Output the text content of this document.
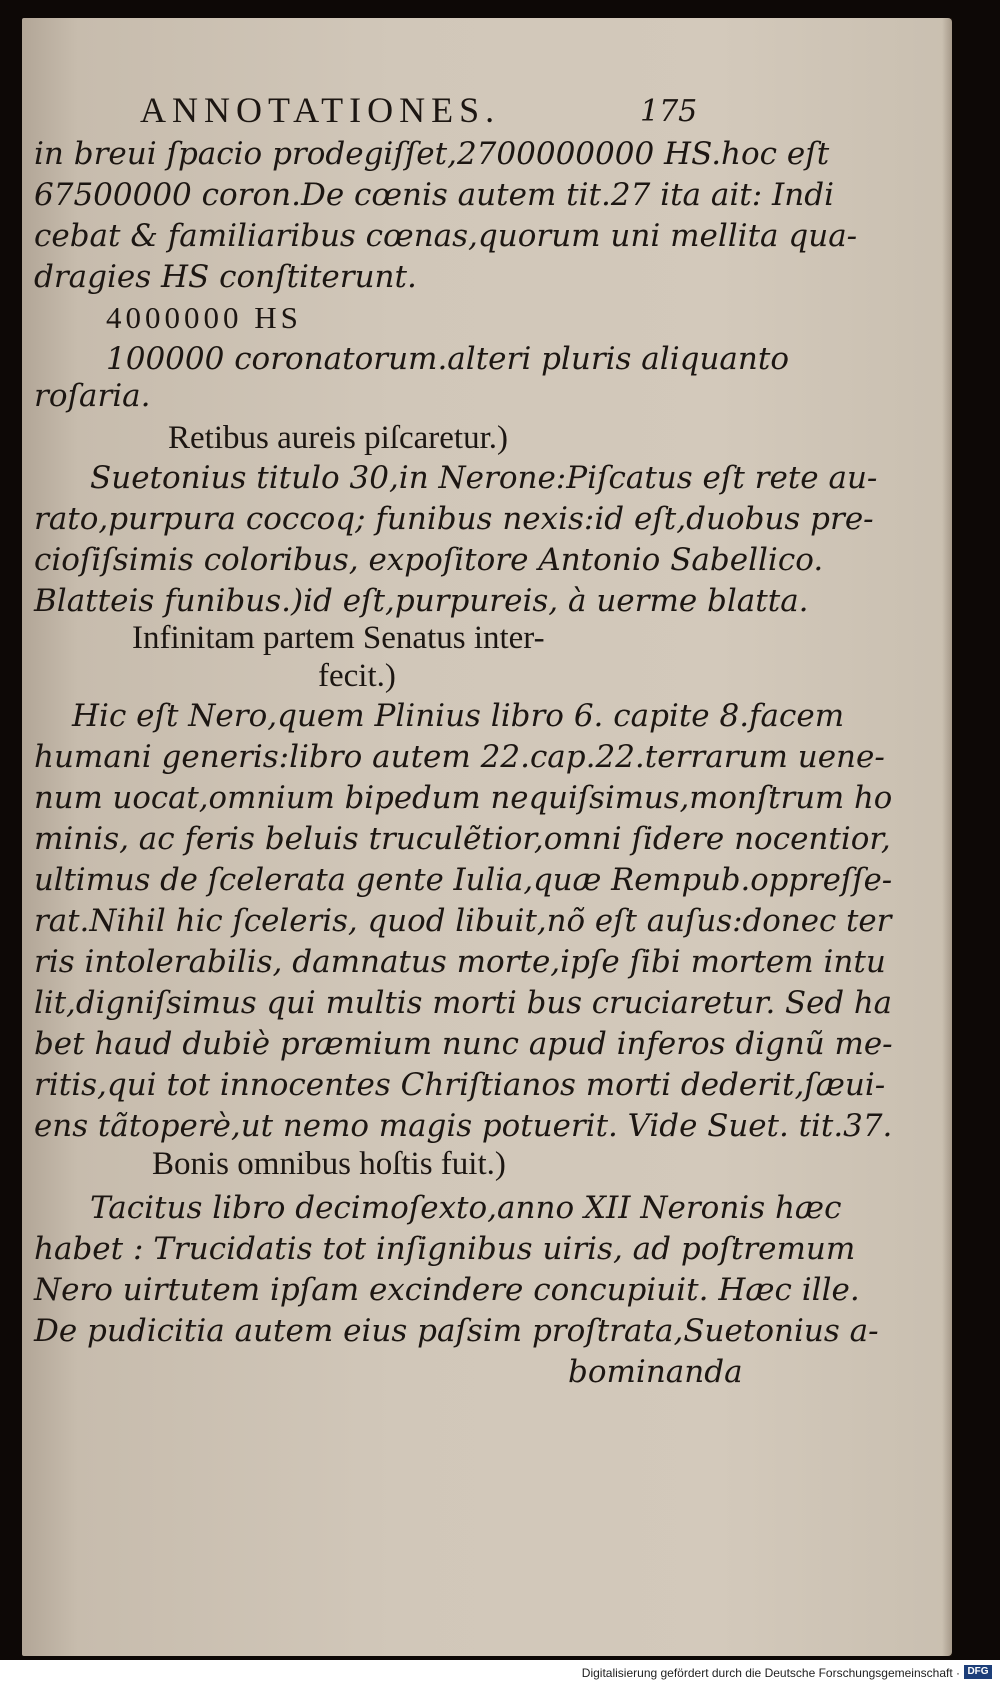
ANNOTATIONES.	175
in breui ſpacio prodegiſſet,2700000000 HS.hoc eſt
67500000 coron.De cœnis autem tit.27 ita ait: Indi
cebat & familiaribus cœnas,quorum uni mellita qua-
dragies HS conſtiterunt.
4000000 HS
100000 coronatorum.alteri pluris aliquanto
roſaria.
Retibus aureis piſcaretur.)
Suetonius titulo 30,in Nerone:Piſcatus eſt rete au-
rato,purpura coccoq; funibus nexis:id eſt,duobus pre-
cioſiſsimis coloribus, expoſitore Antonio Sabellico.
Blatteis funibus.)id eſt,purpureis, à uerme blatta.
Infinitam partem Senatus inter-
fecit.)
Hic eſt Nero,quem Plinius libro 6. capite 8.facem
humani generis:libro autem 22.cap.22.terrarum uene-
num uocat,omnium bipedum nequiſsimus,monſtrum ho
minis, ac feris beluis truculẽtior,omni ſidere nocentior,
ultimus de ſcelerata gente Iulia,quæ Rempub.oppreſſe-
rat.Nihil hic ſceleris, quod libuit,nõ eſt auſus:donec ter
ris intolerabilis, damnatus morte,ipſe ſibi mortem intu
lit,digniſsimus qui multis morti bus cruciaretur. Sed ha
bet haud dubiè præmium nunc apud inferos dignũ me-
ritis,qui tot innocentes Chriſtianos morti dederit,ſæui-
ens tãtoperè,ut nemo magis potuerit. Vide Suet. tit.37.
Bonis omnibus hoſtis fuit.)
Tacitus libro decimoſexto,anno XII Neronis hæc
habet : Trucidatis tot inſignibus uiris, ad poſtremum
Nero uirtutem ipſam excindere concupiuit. Hæc ille.
De pudicitia autem eius paſsim proſtrata,Suetonius a-
bominanda
Digitalisierung gefördert durch die Deutsche Forschungsgemeinschaft · DFG
